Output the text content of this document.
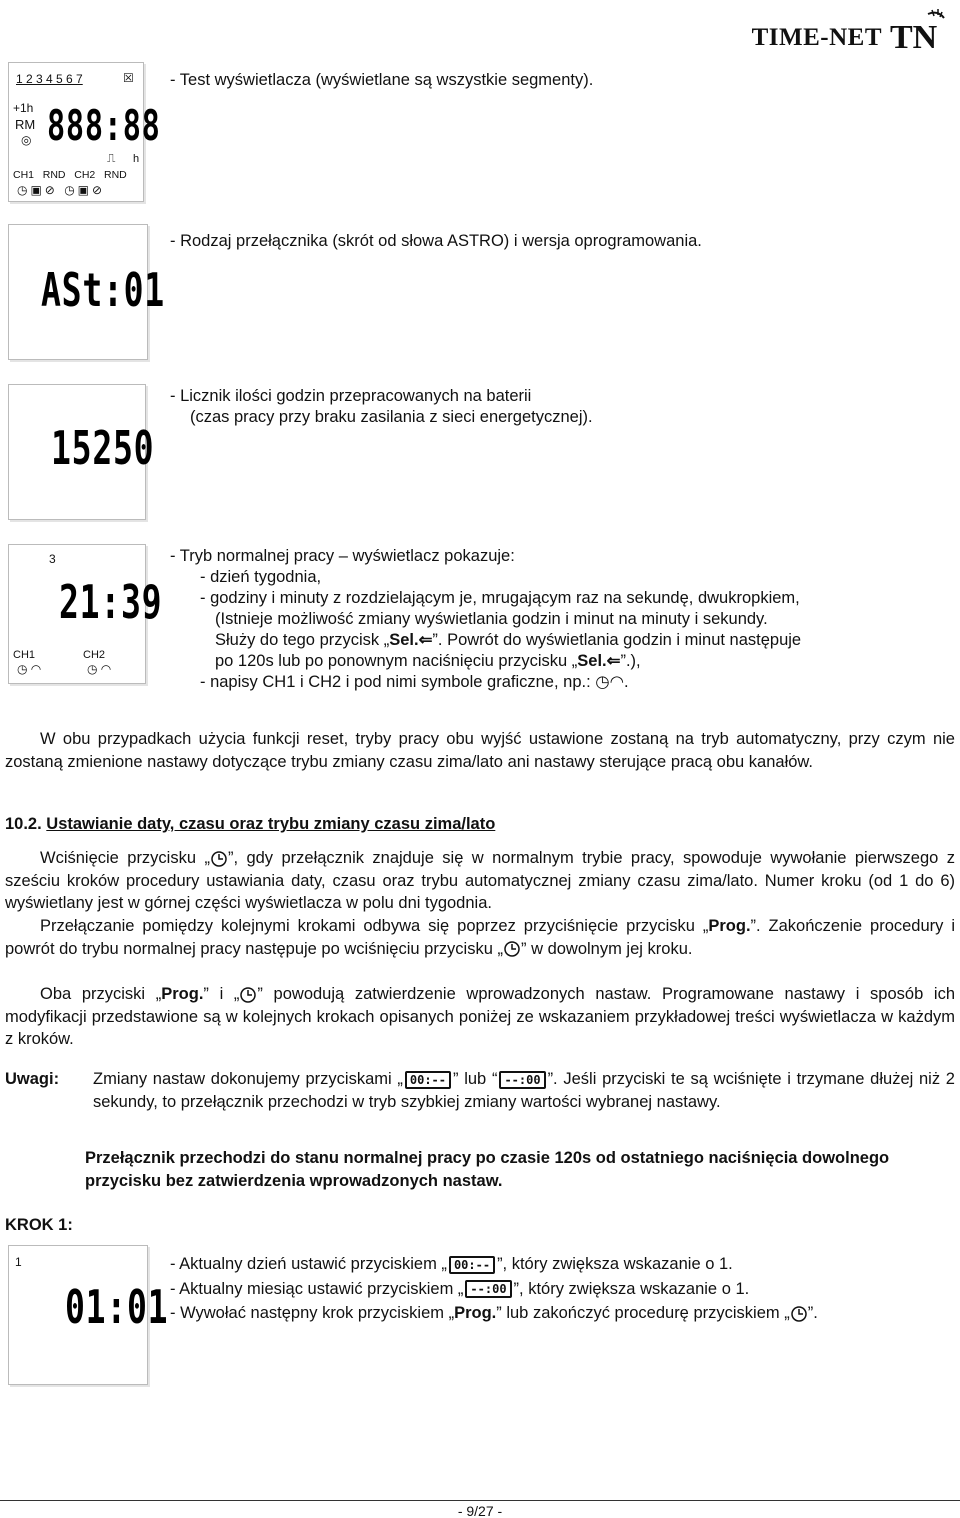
TIME-NET TN
1 2 3 4 5 6 7	☒
+1h
RM
◎ 888:88
⎍ h
CH1   RND   CH2   RND
◷▣⊘ ◷▣⊘
- Test wyświetlacza (wyświetlane są wszystkie segmenty).
ASt:01
- Rodzaj przełącznika (skrót od słowa ASTRO) i wersja oprogramowania.
15250
- Licznik ilości godzin przepracowanych na baterii
(czas pracy przy braku zasilania z sieci energetycznej).
3
21:39
CH1	CH2
◷ ◠	◷ ◠
- Tryb normalnej pracy – wyświetlacz pokazuje:
- dzień tygodnia,
- godziny i minuty z rozdzielającym je, mrugającym raz na sekundę, dwukropkiem,
(Istnieje możliwość zmiany wyświetlania godzin i minut na minuty i sekundy.
Służy do tego przycisk „Sel.⇐”. Powrót do wyświetlania godzin i minut następuje
po 120s lub po ponownym naciśnięciu przycisku „Sel.⇐”.),
- napisy CH1 i CH2 i pod nimi symbole graficzne, np.: ◷◠.
W obu przypadkach użycia funkcji reset, tryby pracy obu wyjść ustawione zostaną na tryb automatyczny, przy czym nie zostaną zmienione nastawy dotyczące trybu zmiany czasu zima/lato ani nastawy sterujące pracą obu kanałów.
10.2. Ustawianie daty, czasu oraz trybu zmiany czasu zima/lato
Wciśnięcie przycisku „ ”, gdy przełącznik znajduje się w normalnym trybie pracy, spowoduje wywołanie pierwszego z sześciu kroków procedury ustawiania daty, czasu oraz trybu automatycznej zmiany czasu zima/lato. Numer kroku (od 1 do 6) wyświetlany jest w górnej części wyświetlacza w polu dni tygodnia.
Przełączanie pomiędzy kolejnymi krokami odbywa się poprzez przyciśnięcie przycisku „Prog.”. Zakończenie procedury i powrót do trybu normalnej pracy następuje po wciśnięciu przycisku „ ” w dowolnym jej kroku.
Oba przyciski „Prog.” i „ ” powodują zatwierdzenie wprowadzonych nastaw. Programowane nastawy i sposób ich modyfikacji przedstawione są w kolejnych krokach opisanych poniżej ze wskazaniem przykładowej treści wyświetlacza w każdym z kroków.
Uwagi: Zmiany nastaw dokonujemy przyciskami „ 00:-- ” lub “ --:00 ”. Jeśli przyciski te są wciśnięte i trzymane dłużej niż 2 sekundy, to przełącznik przechodzi w tryb szybkiej zmiany wartości wybranej nastawy.
Przełącznik przechodzi do stanu normalnej pracy po czasie 120s od ostatniego naciśnięcia dowolnego przycisku bez zatwierdzenia wprowadzonych nastaw.
KROK 1:
1
01:01
- Aktualny dzień ustawić przyciskiem „ 00:-- ”, który zwiększa wskazanie o 1.
- Aktualny miesiąc ustawić przyciskiem „ --:00 ”, który zwiększa wskazanie o 1.
- Wywołać następny krok przyciskiem „Prog.” lub zakończyć procedurę przyciskiem „ ”.
- 9/27 -
